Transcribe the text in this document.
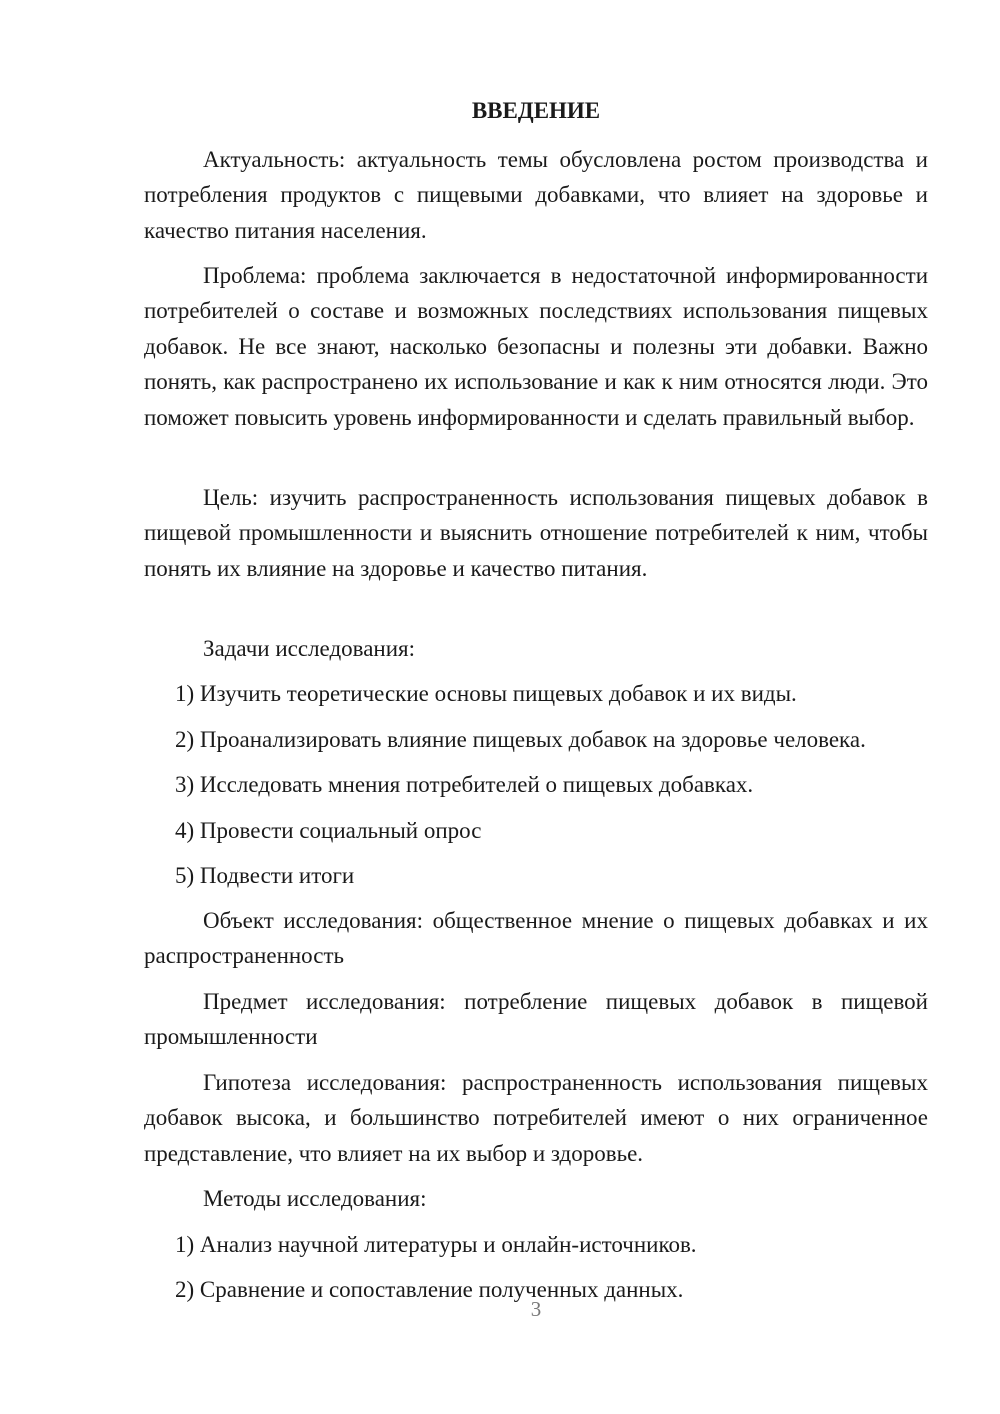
ВВЕДЕНИЕ

Актуальность: актуальность темы обусловлена ростом производства и потребления продуктов с пищевыми добавками, что влияет на здоровье и качество питания населения.

Проблема: проблема заключается в недостаточной информированности потребителей о составе и возможных последствиях использования пищевых добавок. Не все знают, насколько безопасны и полезны эти добавки. Важно понять, как распространено их использование и как к ним относятся люди. Это поможет повысить уровень информированности и сделать правильный выбор.

Цель: изучить распространенность использования пищевых добавок в пищевой промышленности и выяснить отношение потребителей к ним, чтобы понять их влияние на здоровье и качество питания.

Задачи исследования:

1) Изучить теоретические основы пищевых добавок и их виды.

2) Проанализировать влияние пищевых добавок на здоровье человека.

3) Исследовать мнения потребителей о пищевых добавках.

4) Провести социальный опрос

5) Подвести итоги

Объект исследования: общественное мнение о пищевых добавках и их распространенность

Предмет исследования: потребление пищевых добавок в пищевой промышленности

Гипотеза исследования: распространенность использования пищевых добавок высока, и большинство потребителей имеют о них ограниченное представление, что влияет на их выбор и здоровье.

Методы исследования:

1) Анализ научной литературы и онлайн-источников.

2) Сравнение и сопоставление полученных данных.

3
